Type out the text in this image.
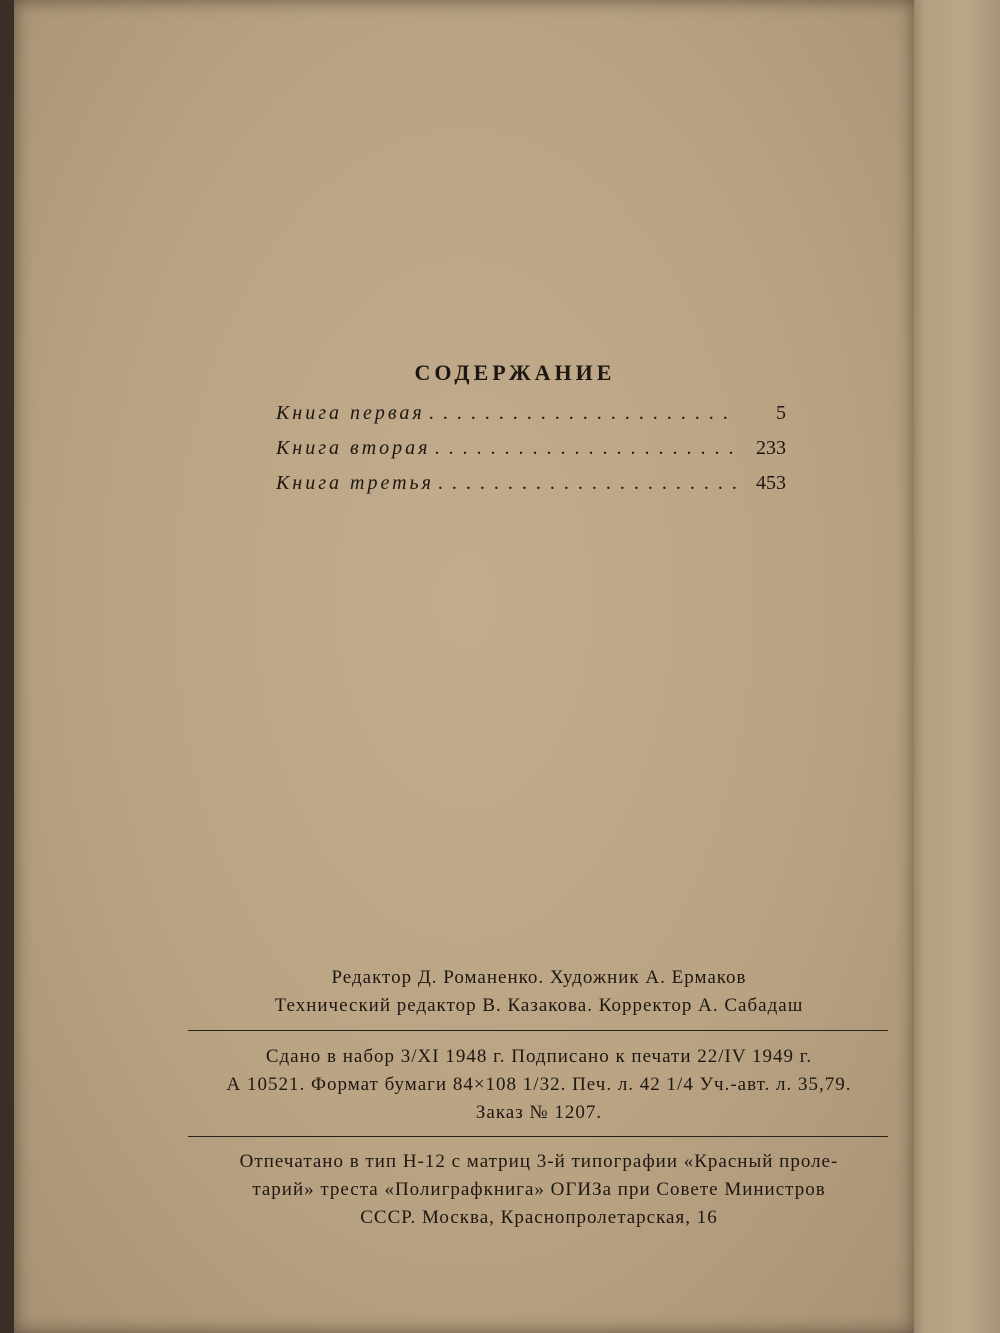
СОДЕРЖАНИЕ
Книга первая . . .	5
Книга вторая . . .	233
Книга третья . . .	453
Редактор Д. Романенко. Художник А. Ермаков
Технический редактор В. Казакова. Корректор А. Сабадаш
Сдано в набор 3/XI 1948 г. Подписано к печати 22/IV 1949 г.
А 10521. Формат бумаги 84×108 1/32. Печ. л. 42 1/4 Уч.-авт. л. 35,79.
Заказ № 1207.
Отпечатано в тип Н-12 с матриц 3-й типографии «Красный проле-
тарий» треста «Полиграфкнига» ОГИЗа при Совете Министров
СССР. Москва, Краснопролетарская, 16
